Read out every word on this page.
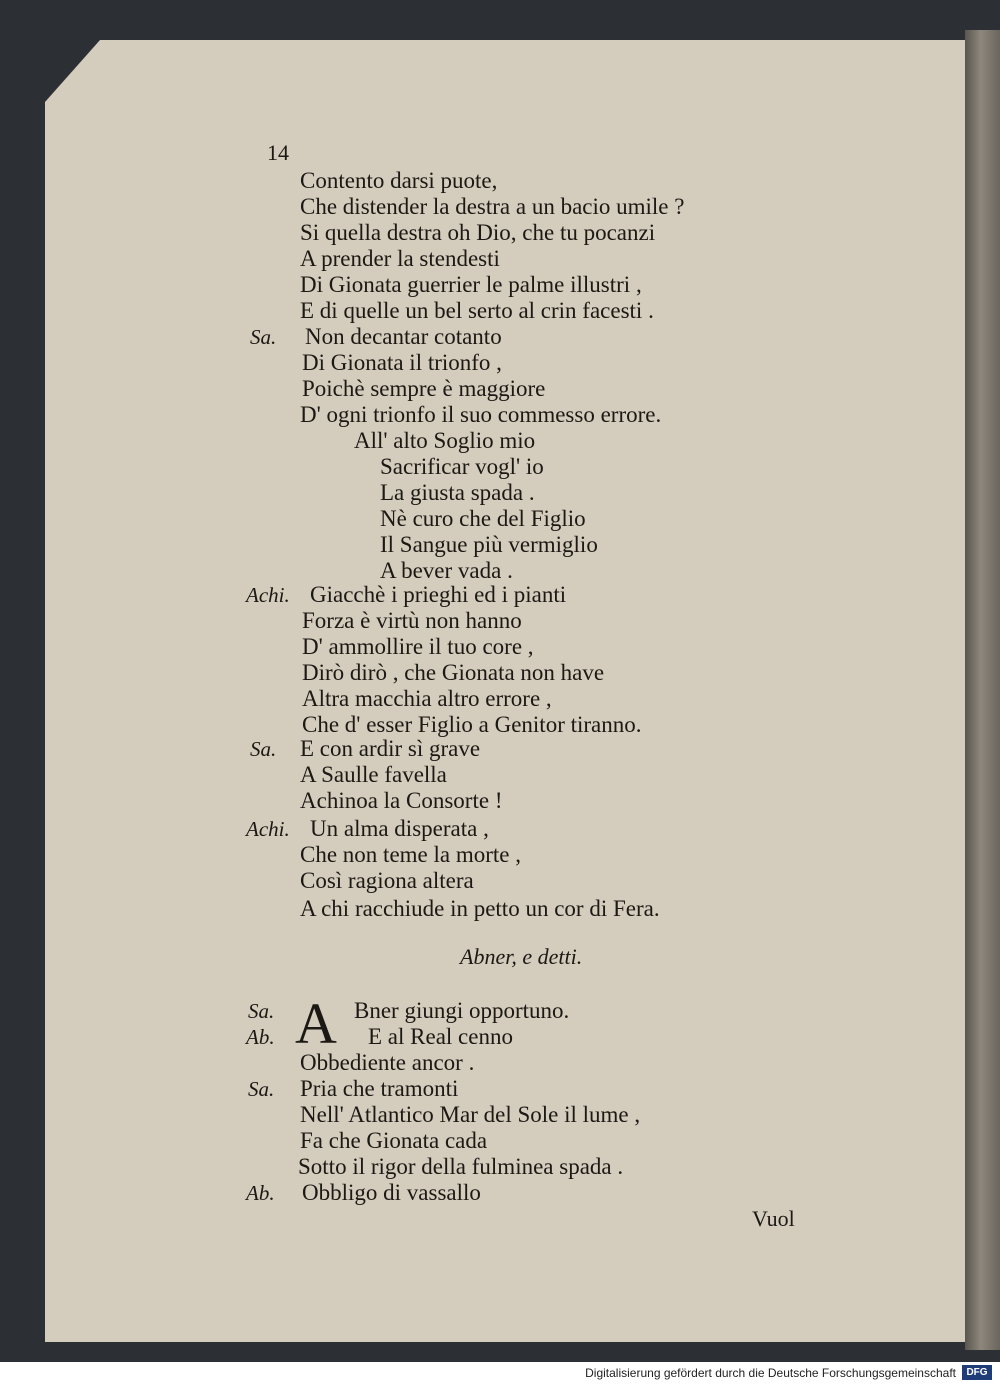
14
Contento darsi puote,
Che distender la destra a un bacio umile ?
Si quella destra oh Dio, che tu pocanzi
A prender la stendesti
Di Gionata guerrier le palme illustri ,
E di quelle un bel serto al crin facesti .
Sa. Non decantar cotanto
Di Gionata il trionfo ,
Poichè sempre è maggiore
D' ogni trionfo il suo commesso errore.
All' alto Soglio mio
Sacrificar vogl' io
La giusta spada .
Nè curo che del Figlio
Il Sangue più vermiglio
A bever vada .
Achi. Giacchè i prieghi ed i pianti
Forza è virtù non hanno
D' ammollire il tuo core ,
Dirò dirò , che Gionata non have
Altra macchia altro errore ,
Che d' esser Figlio a Genitor tiranno.
Sa. E con ardir sì grave
A Saulle favella
Achinoa la Consorte !
Achi. Un alma disperata ,
Che non teme la morte ,
Così ragiona altera
A chi racchiude in petto un cor di Fera.
Abner, e detti.
A
Sa.	Bner giungi opportuno.
Ab.	E al Real cenno
Obbediente ancor .
Sa. Pria che tramonti
Nell' Atlantico Mar del Sole il lume ,
Fa che Gionata cada
Sotto il rigor della fulminea spada .
Ab. Obbligo di vassallo
Vuol
Digitalisierung gefördert durch die Deutsche Forschungsgemeinschaft	DFG
